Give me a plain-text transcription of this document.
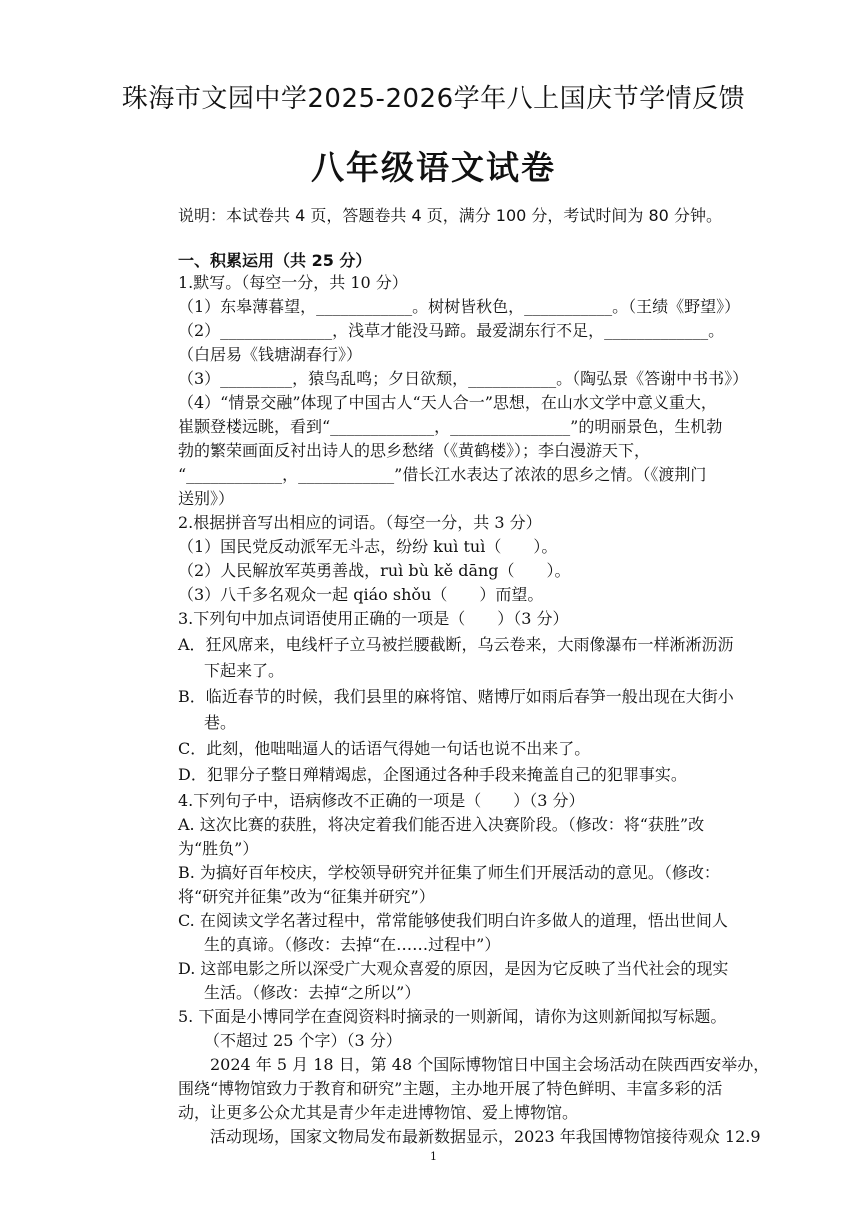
珠海市文园中学2025-2026学年八上国庆节学情反馈
八年级语文试卷
说明：本试卷共 4 页，答题卷共 4 页，满分 100 分，考试时间为 80 分钟。
一、积累运用（共 25 分）
1.默写。（每空一分，共 10 分）
（1）东皋薄暮望，____________。树树皆秋色，___________。（王绩《野望》）
（2）______________，浅草才能没马蹄。最爱湖东行不足，_____________。
（白居易《钱塘湖春行》）
（3）_________，猿鸟乱鸣；夕日欲颓，___________。（陶弘景《答谢中书书》）
（4）“情景交融”体现了中国古人“天人合一”思想，在山水文学中意义重大，
崔颢登楼远眺，看到“_____________，_______________”的明丽景色，生机勃
勃的繁荣画面反衬出诗人的思乡愁绪（《黄鹤楼》）；李白漫游天下，
“____________，____________”借长江水表达了浓浓的思乡之情。（《渡荆门
送别》）
2.根据拼音写出相应的词语。（每空一分，共 3 分）
（1）国民党反动派军无斗志，纷纷 kuì tuì（　　）。
（2）人民解放军英勇善战，ruì bù kě dāng（　　）。
（3）八千多名观众一起 qiáo shǒu（　　）而望。
3.下列句中加点词语使用正确的一项是（　　）（3 分）
A．狂风席来，电线杆子立马被拦腰截断，乌云卷来，大雨像瀑布一样淅淅沥沥
下起来了。
B．临近春节的时候，我们县里的麻将馆、赌博厅如雨后春笋一般出现在大街小
巷。
C．此刻，他咄咄逼人的话语气得她一句话也说不出来了。
D．犯罪分子整日殚精竭虑，企图通过各种手段来掩盖自己的犯罪事实。
4.下列句子中，语病修改不正确的一项是（　　）（3 分）
A. 这次比赛的获胜，将决定着我们能否进入决赛阶段。（修改：将“获胜”改
为“胜负”）
B. 为搞好百年校庆，学校领导研究并征集了师生们开展活动的意见。（修改：
将“研究并征集”改为“征集并研究”）
C. 在阅读文学名著过程中，常常能够使我们明白许多做人的道理，悟出世间人
生的真谛。（修改：去掉“在……过程中”）
D. 这部电影之所以深受广大观众喜爱的原因，是因为它反映了当代社会的现实
生活。（修改：去掉“之所以”）
5. 下面是小博同学在查阅资料时摘录的一则新闻，请你为这则新闻拟写标题。
（不超过 25 个字）（3 分）
2024 年 5 月 18 日，第 48 个国际博物馆日中国主会场活动在陕西西安举办，
围绕“博物馆致力于教育和研究”主题，主办地开展了特色鲜明、丰富多彩的活
动，让更多公众尤其是青少年走进博物馆、爱上博物馆。
活动现场，国家文物局发布最新数据显示，2023 年我国博物馆接待观众 12.9
1
